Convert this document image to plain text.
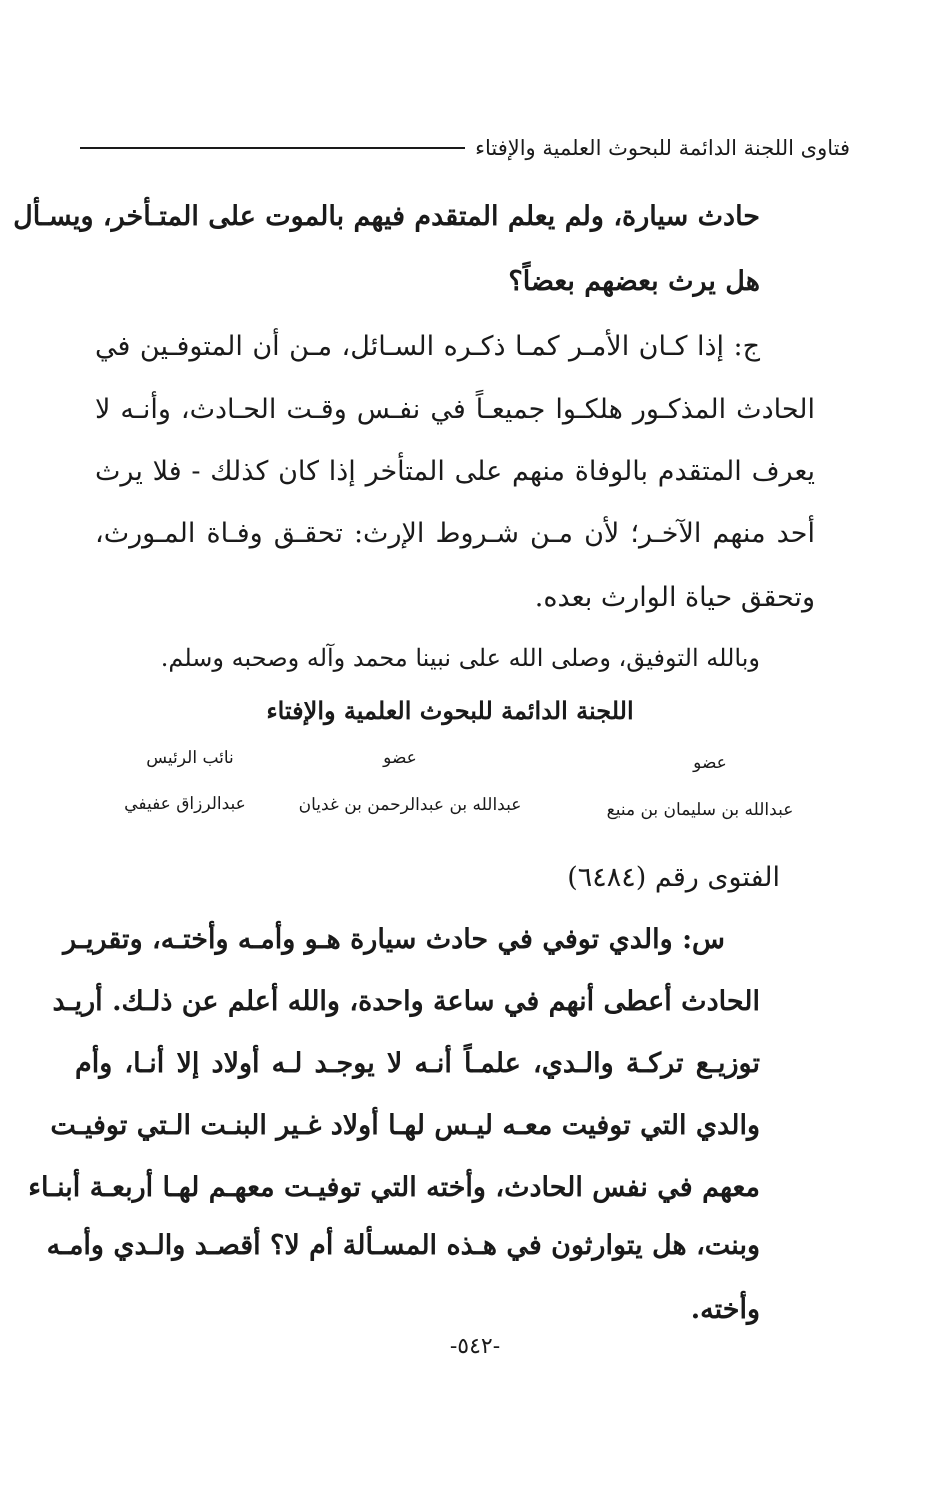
فتاوى اللجنة الدائمة للبحوث العلمية والإفتاء
حادث سيارة، ولم يعلم المتقدم فيهم بالموت على المتـأخر، ويسـأل
هل يرث بعضهم بعضاً؟
ج: إذا كـان الأمـر كمـا ذكـره السـائل، مـن أن المتوفـين في
الحادث المذكـور هلكـوا جميعـاً في نفـس وقـت الحـادث، وأنـه لا
يعرف المتقدم بالوفاة منهم على المتأخر إذا كان كذلك - فلا يرث
أحد منهم الآخـر؛ لأن مـن شـروط الإرث: تحقـق وفـاة المـورث،
وتحقق حياة الوارث بعده.
وبالله التوفيق، وصلى الله على نبينا محمد وآله وصحبه وسلم.
اللجنة الدائمة للبحوث العلمية والإفتاء
عضو
عبدالله بن سليمان بن منيع
عضو
عبدالله بن عبدالرحمن بن غديان
نائب الرئيس
عبدالرزاق عفيفي
الفتوى رقم (٦٤٨٤)
س: والدي توفي في حادث سيارة هـو وأمـه وأختـه، وتقريـر
الحادث أعطى أنهم في ساعة واحدة، والله أعلم عن ذلـك. أريـد
توزيـع تركـة والـدي، علمـاً أنـه لا يوجـد لـه أولاد إلا أنـا، وأم
والدي التي توفيت معـه ليـس لهـا أولاد غـير البنـت الـتي توفيـت
معهم في نفس الحادث، وأخته التي توفيـت معهـم لهـا أربعـة أبنـاء
وبنت، هل يتوارثون في هـذه المسـألة أم لا؟ أقصـد والـدي وأمـه
وأخته.
-٥٤٢-
